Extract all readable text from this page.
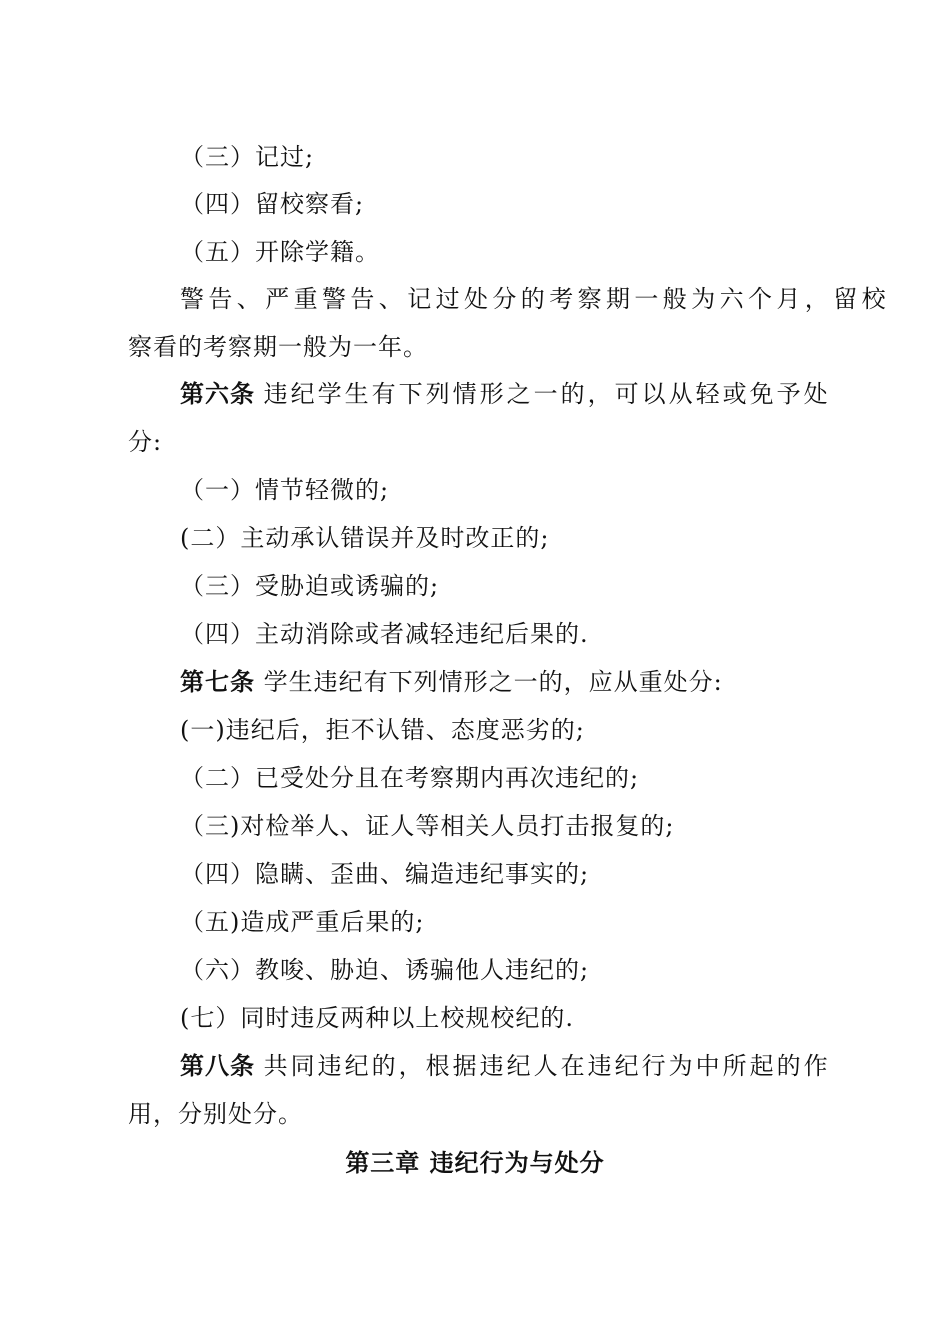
（三）记过;
（四）留校察看;
（五）开除学籍。
警告、严重警告、记过处分的考察期一般为六个月，留校
察看的考察期一般为一年。
第六条 违纪学生有下列情形之一的，可以从轻或免予处
分:
（一）情节轻微的;
(二）主动承认错误并及时改正的;
（三）受胁迫或诱骗的;
（四）主动消除或者减轻违纪后果的.
第七条 学生违纪有下列情形之一的，应从重处分:
(一)违纪后，拒不认错、态度恶劣的;
（二）已受处分且在考察期内再次违纪的;
（三)对检举人、证人等相关人员打击报复的;
（四）隐瞒、歪曲、编造违纪事实的;
（五)造成严重后果的;
（六）教唆、胁迫、诱骗他人违纪的;
(七）同时违反两种以上校规校纪的.
第八条 共同违纪的，根据违纪人在违纪行为中所起的作
用，分别处分。
第三章 违纪行为与处分
